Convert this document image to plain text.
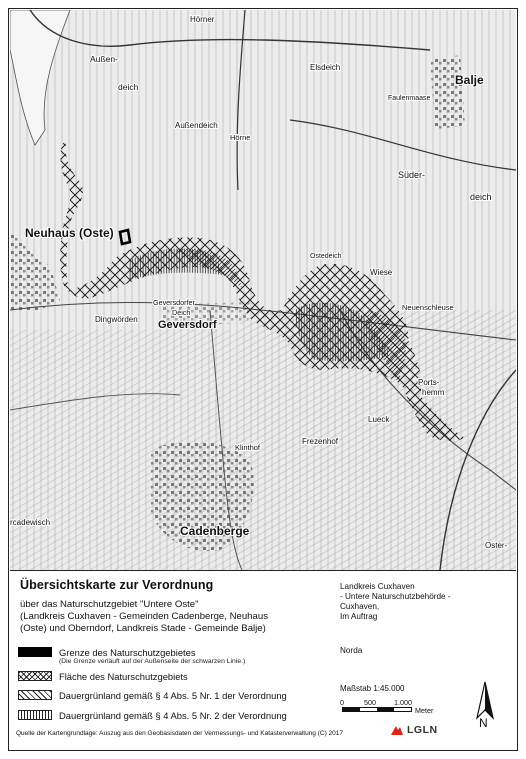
Hörner
Außen-
deich
Elsdeich
Balje
Faulenmaase
Außendeich
Hörne
Süder-
deich
Neuhaus (Oste)
Geversdorfer
Deich
Dingwörden Geversdorf
Wiese
Neuenschleuse
Ports-
hemm
Lueck
Klinthof
Frezenhof
Cadenberge
Oster-
rcadewisch
Ostedeich
Übersichtskarte zur Verordnung
über das Naturschutzgebiet "Untere Oste"
(Landkreis Cuxhaven - Gemeinden Cadenberge, Neuhaus
(Oste) und Oberndorf, Landkreis Stade - Gemeinde Balje)
Grenze des Naturschutzgebietes
(Die Grenze verläuft auf der Außenseite der schwarzen Linie.)
Fläche des Naturschutzgebiets
Dauergrünland gemäß § 4 Abs. 5 Nr. 1 der Verordnung
Dauergrünland gemäß § 4 Abs. 5 Nr. 2 der Verordnung
Landkreis Cuxhaven
- Untere Naturschutzbehörde -
Cuxhaven,
Im Auftrag
Norda
Maßstab 1:45.000
0	500	1.000
Meter
N
Quelle der Kartengrundlage: Auszug aus den Geobasisdaten der Vermessungs- und Katasterverwaltung (C) 2017	LGLN
